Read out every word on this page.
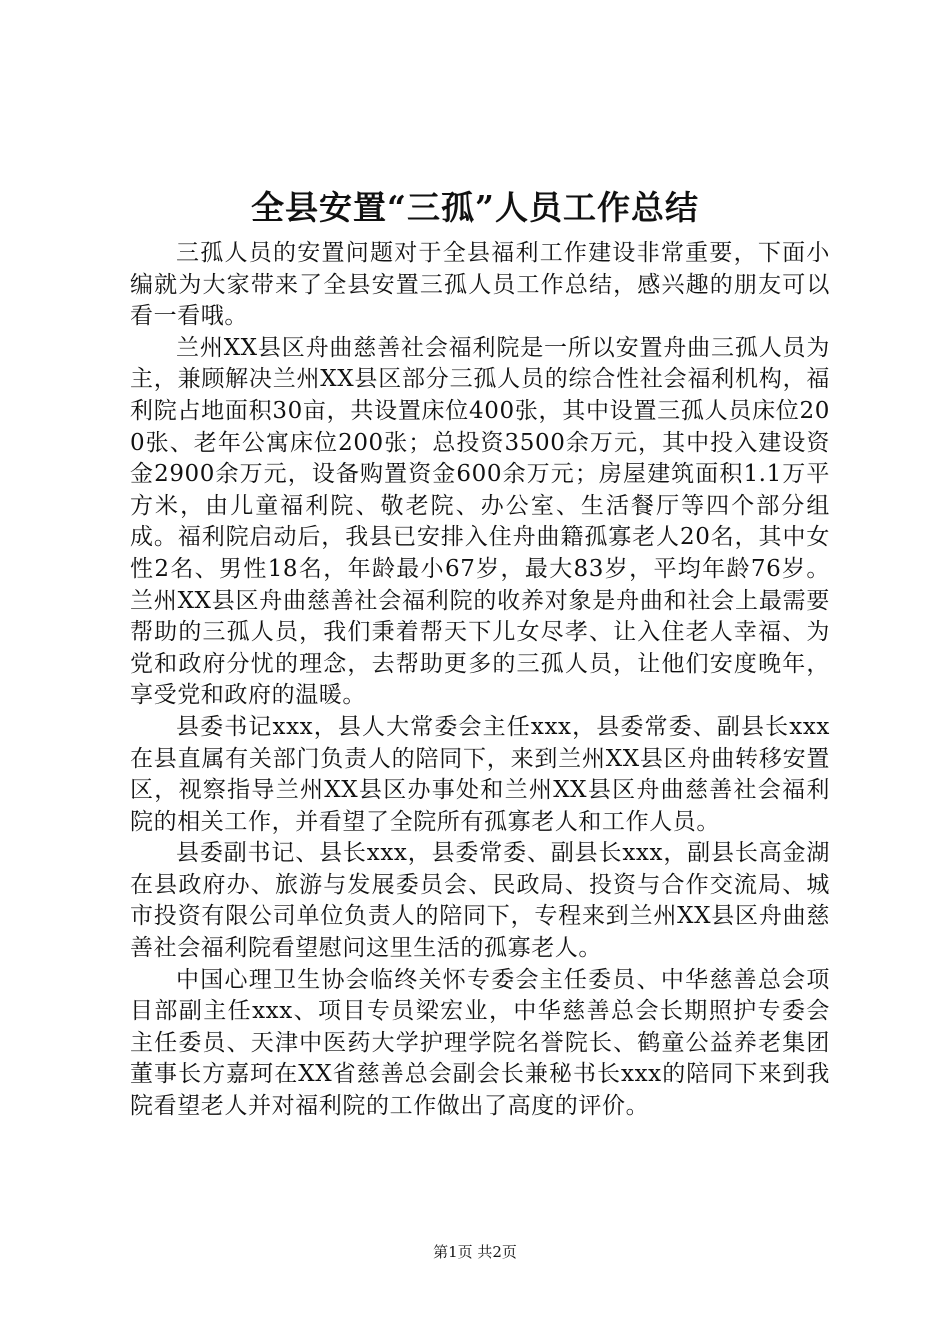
全县安置“三孤”人员工作总结

三孤人员的安置问题对于全县福利工作建设非常重要，下面小编就为大家带来了全县安置三孤人员工作总结，感兴趣的朋友可以看一看哦。

兰州XX县区舟曲慈善社会福利院是一所以安置舟曲三孤人员为主，兼顾解决兰州XX县区部分三孤人员的综合性社会福利机构，福利院占地面积30亩，共设置床位400张，其中设置三孤人员床位200张、老年公寓床位200张；总投资3500余万元，其中投入建设资金2900余万元，设备购置资金600余万元；房屋建筑面积1.1万平方米，由儿童福利院、敬老院、办公室、生活餐厅等四个部分组成。福利院启动后，我县已安排入住舟曲籍孤寡老人20名，其中女性2名、男性18名，年龄最小67岁，最大83岁，平均年龄76岁。兰州XX县区舟曲慈善社会福利院的收养对象是舟曲和社会上最需要帮助的三孤人员，我们秉着帮天下儿女尽孝、让入住老人幸福、为党和政府分忧的理念，去帮助更多的三孤人员，让他们安度晚年，享受党和政府的温暖。

县委书记xxx，县人大常委会主任xxx，县委常委、副县长xxx在县直属有关部门负责人的陪同下，来到兰州XX县区舟曲转移安置区，视察指导兰州XX县区办事处和兰州XX县区舟曲慈善社会福利院的相关工作，并看望了全院所有孤寡老人和工作人员。

县委副书记、县长xxx，县委常委、副县长xxx，副县长高金湖在县政府办、旅游与发展委员会、民政局、投资与合作交流局、城市投资有限公司单位负责人的陪同下，专程来到兰州XX县区舟曲慈善社会福利院看望慰问这里生活的孤寡老人。

中国心理卫生协会临终关怀专委会主任委员、中华慈善总会项目部副主任xxx、项目专员梁宏业，中华慈善总会长期照护专委会主任委员、天津中医药大学护理学院名誉院长、鹤童公益养老集团董事长方嘉珂在XX省慈善总会副会长兼秘书长xxx的陪同下来到我院看望老人并对福利院的工作做出了高度的评价。

第1页 共2页
